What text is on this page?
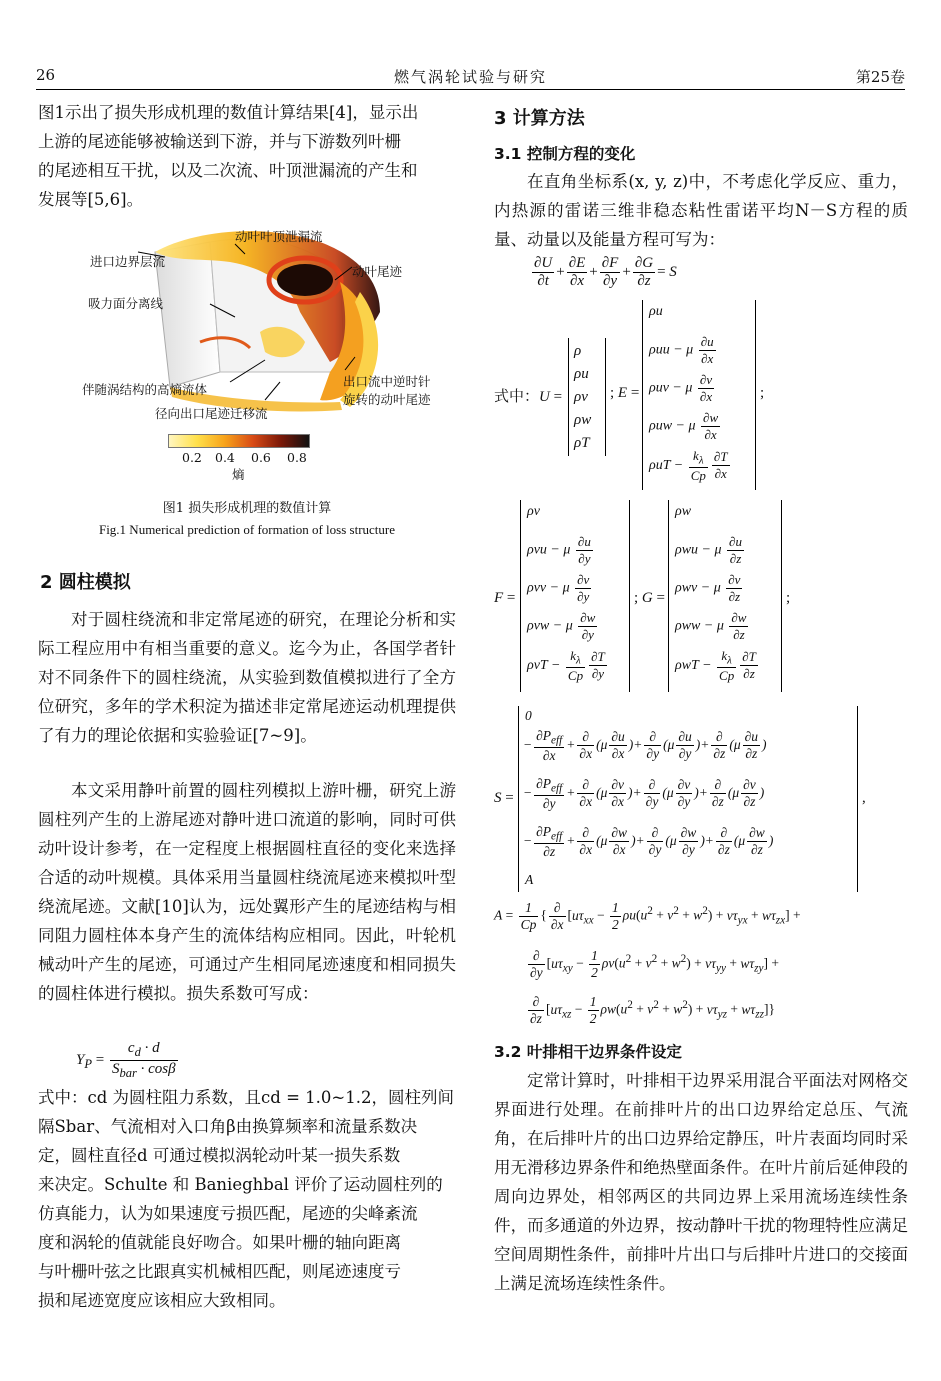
26	燃气涡轮试验与研究	第25卷
图1示出了损失形成机理的数值计算结果[4]，显示出
上游的尾迹能够被输送到下游，并与下游数列叶栅
的尾迹相互干扰，以及二次流、叶顶泄漏流的产生和
发展等[5,6]。
动叶叶顶泄漏流
进口边界层流
动叶尾迹
吸力面分离线
伴随涡结构的高熵流体
径向出口尾迹迁移流
出口流中逆时针
旋转的动叶尾迹
0.2 0.4 0.6 0.8
熵
图1 损失形成机理的数值计算
Fig.1 Numerical prediction of formation of loss structure
2 圆柱模拟
对于圆柱绕流和非定常尾迹的研究，在理论分析和实际工程应用中有相当重要的意义。迄今为止，各国学者针对不同条件下的圆柱绕流，从实验到数值模拟进行了全方位研究，多年的学术积淀为描述非定常尾迹运动机理提供了有力的理论依据和实验验证[7~9]。
本文采用静叶前置的圆柱列模拟上游叶栅，研究上游圆柱列产生的上游尾迹对静叶进口流道的影响，同时可供动叶设计参考，在一定程度上根据圆柱直径的变化来选择合适的动叶规模。具体采用当量圆柱绕流尾迹来模拟叶型绕流尾迹。文献[10]认为，远处翼形产生的尾迹结构与相同阻力圆柱体本身产生的流体结构应相同。因此，叶轮机械动叶产生的尾迹，可通过产生相同尾迹速度和相同损失的圆柱体进行模拟。损失系数可写成：
$Y_P = \frac{c_d \cdot d}{S_{bar} \cdot \cos\beta}$
式中：cd 为圆柱阻力系数，且cd = 1.0~1.2，圆柱列间
隔Sbar、气流相对入口角β由换算频率和流量系数决
定，圆柱直径d 可通过模拟涡轮动叶某一损失系数
来决定。Schulte 和 Banieghbal 评价了运动圆柱列的
仿真能力，认为如果速度亏损匹配，尾迹的尖峰紊流
度和涡轮的值就能良好吻合。如果叶栅的轴向距离
与叶栅叶弦之比跟真实机械相匹配，则尾迹速度亏
损和尾迹宽度应该相应大致相同。
3 计算方法
3.1 控制方程的变化
在直角坐标系(x, y, z)中，不考虑化学反应、重力，内热源的雷诺三维非稳态粘性雷诺平均N－S方程的质量、动量以及能量方程可写为：
$\frac{\partial U}{\partial t} + \frac{\partial E}{\partial x} + \frac{\partial F}{\partial y} + \frac{\partial G}{\partial z} = S$
式中：U =
ρ
ρu
ρv
ρw
ρT
; E =
ρu
ρuu − μ $\frac{\partial u}{\partial x}$
ρuv − μ $\frac{\partial v}{\partial x}$
ρuw − μ $\frac{\partial w}{\partial x}$
$\rho uT - \frac{k_\lambda}{Cp} \frac{\partial T}{\partial x}$
;
F =
ρv
ρvu − μ $\frac{\partial u}{\partial y}$
ρvv − μ $\frac{\partial v}{\partial y}$
ρvw − μ $\frac{\partial w}{\partial y}$
$\rho vT - \frac{k_\lambda}{Cp} \frac{\partial T}{\partial y}$
; G =
ρw
ρwu − μ $\frac{\partial u}{\partial z}$
ρwv − μ $\frac{\partial v}{\partial z}$
ρww − μ $\frac{\partial w}{\partial z}$
$\rho wT - \frac{k_\lambda}{Cp} \frac{\partial T}{\partial z}$
;
S =
0
− $\frac{\partial P_{eff}}{\partial x} + \frac{\partial}{\partial x} (\mu \frac{\partial u}{\partial x}$ )+ $\frac{\partial}{\partial y} (\mu \frac{\partial u}{\partial y}$ )+ $\frac{\partial}{\partial z} (\mu \frac{\partial u}{\partial z}$ )
− $\frac{\partial P_{eff}}{\partial y} + \frac{\partial}{\partial x} (\mu \frac{\partial v}{\partial x}$ )+ $\frac{\partial}{\partial y} (\mu \frac{\partial v}{\partial y}$ )+ $\frac{\partial}{\partial z} (\mu \frac{\partial v}{\partial z}$ )
− $\frac{\partial P_{eff}}{\partial z} + \frac{\partial}{\partial x} (\mu \frac{\partial w}{\partial x}$ )+ $\frac{\partial}{\partial y} (\mu \frac{\partial w}{\partial y}$ )+ $\frac{\partial}{\partial z} (\mu \frac{\partial w}{\partial z}$ )
A
,
$A = \frac{1}{Cp}$ { $\frac{\partial}{\partial x} [u\tau_{xx} - \frac{1}{2} \rho u(u^2 + v^2 + w^2) + v\tau_{yx} + w\tau_{zx}]$ +
$\frac{\partial}{\partial y} [u\tau_{xy} - \frac{1}{2} \rho v(u^2 + v^2 + w^2) + v\tau_{yy} + w\tau_{zy}]$ +
$\frac{\partial}{\partial z} [u\tau_{xz} - \frac{1}{2} \rho w(u^2 + v^2 + w^2) + v\tau_{yz} + w\tau_{zz}]$}
3.2 叶排相干边界条件设定
定常计算时，叶排相干边界采用混合平面法对网格交界面进行处理。在前排叶片的出口边界给定总压、气流角，在后排叶片的出口边界给定静压，叶片表面均同时采用无滑移边界条件和绝热壁面条件。在叶片前后延伸段的周向边界处，相邻两区的共同边界上采用流场连续性条件，而多通道的外边界，按动静叶干扰的物理特性应满足空间周期性条件，前排叶片出口与后排叶片进口的交接面上满足流场连续性条件。
